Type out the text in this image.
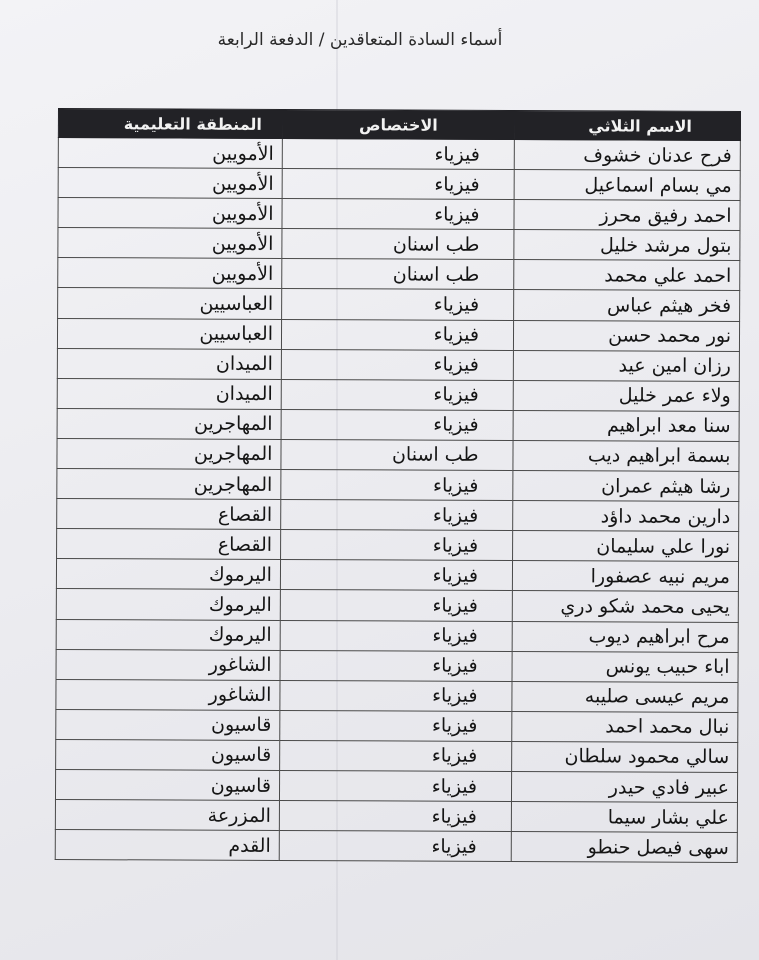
أسماء السادة المتعاقدين / الدفعة الرابعة
الاسم الثلاثي	الاختصاص	المنطقة التعليمية
فرح عدنان خشوف	فيزياء	الأمويين
مي بسام اسماعيل	فيزياء	الأمويين
احمد رفيق محرز	فيزياء	الأمويين
بتول مرشد خليل	طب اسنان	الأمويين
احمد علي محمد	طب اسنان	الأمويين
فخر هيثم عباس	فيزياء	العباسيين
نور محمد حسن	فيزياء	العباسيين
رزان امين عيد	فيزياء	الميدان
ولاء عمر خليل	فيزياء	الميدان
سنا معد ابراهيم	فيزياء	المهاجرين
بسمة ابراهيم ديب	طب اسنان	المهاجرين
رشا هيثم عمران	فيزياء	المهاجرين
دارين محمد داؤد	فيزياء	القصاع
نورا علي سليمان	فيزياء	القصاع
مريم نبيه عصفورا	فيزياء	اليرموك
يحيى محمد شكو دري	فيزياء	اليرموك
مرح ابراهيم ديوب	فيزياء	اليرموك
اباء حبيب يونس	فيزياء	الشاغور
مريم عيسى صليبه	فيزياء	الشاغور
نبال محمد احمد	فيزياء	قاسيون
سالي محمود سلطان	فيزياء	قاسيون
عبير فادي حيدر	فيزياء	قاسيون
علي بشار سيما	فيزياء	المزرعة
سهى فيصل حنطو	فيزياء	القدم
